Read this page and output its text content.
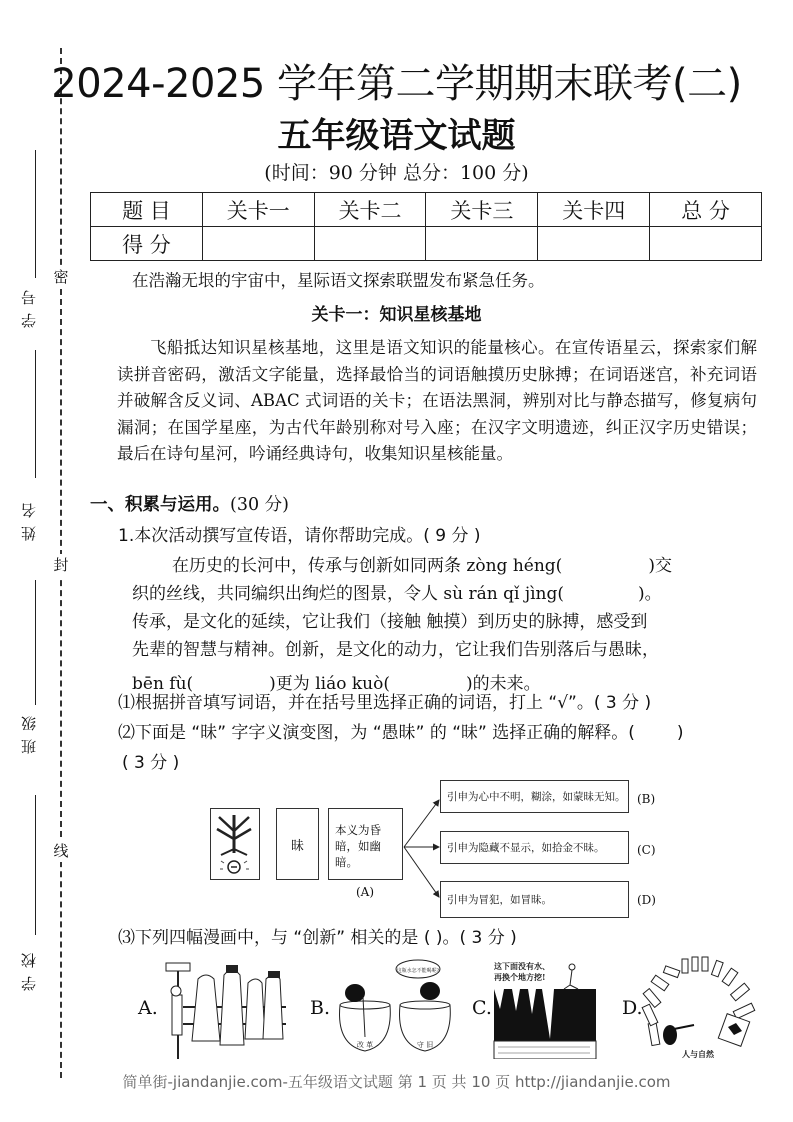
密
封
线
学号
姓名
班级
学校
2024-2025 学年第二学期期末联考(二)
五年级语文试题
(时间：90 分钟 总分：100 分)
题 目	关卡一	关卡二	关卡三	关卡四	总 分
得 分					
在浩瀚无垠的宇宙中，星际语文探索联盟发布紧急任务。
关卡一：知识星核基地
飞船抵达知识星核基地，这里是语文知识的能量核心。在宣传语星云，探索家们解读拼音密码，激活文字能量，选择最恰当的词语触摸历史脉搏；在词语迷宫，补充词语并破解含反义词、ABAC 式词语的关卡；在语法黑洞，辨别对比与静态描写，修复病句漏洞；在国学星座，为古代年龄别称对号入座；在汉字文明遗迹，纠正汉字历史错误；最后在诗句星河，吟诵经典诗句，收集知识星核能量。
一、积累与运用。(30 分)
1.本次活动撰写宣传语，请你帮助完成。( 9 分 )
在历史的长河中，传承与创新如同两条 zòng héng(	)交
织的丝线，共同编织出绚烂的图景，令人 sù rán qǐ jìng(	)。
传承，是文化的延续，它让我们（接触 触摸）到历史的脉搏，感受到
先辈的智慧与精神。创新，是文化的动力，它让我们告别落后与愚昧，
bēn fù(	)更为 liáo kuò(	)的未来。
⑴根据拼音填写词语，并在括号里选择正确的词语，打上 “√”。( 3 分 )
⑵下面是 “昧” 字字义演变图，为 “愚昧” 的 “昧” 选择正确的解释。( )
( 3 分 )
昧
本义为昏暗，如幽暗。
(A)
引申为心中不明，糊涂，如蒙昧无知。 (B)
引申为隐藏不显示，如拾金不昧。	(C)
引申为冒犯，如冒昧。	(D)
⑶下列四幅漫画中，与 “创新” 相关的是 ( )。( 3 分 )
A.	B.
这瓶水怎不能喝呢?
改 革	守 旧
C.
这下面没有水、
再换个地方挖!
D.
人与自然
简单街-jiandanjie.com-五年级语文试题 第 1 页 共 10 页 http://jiandanjie.com
